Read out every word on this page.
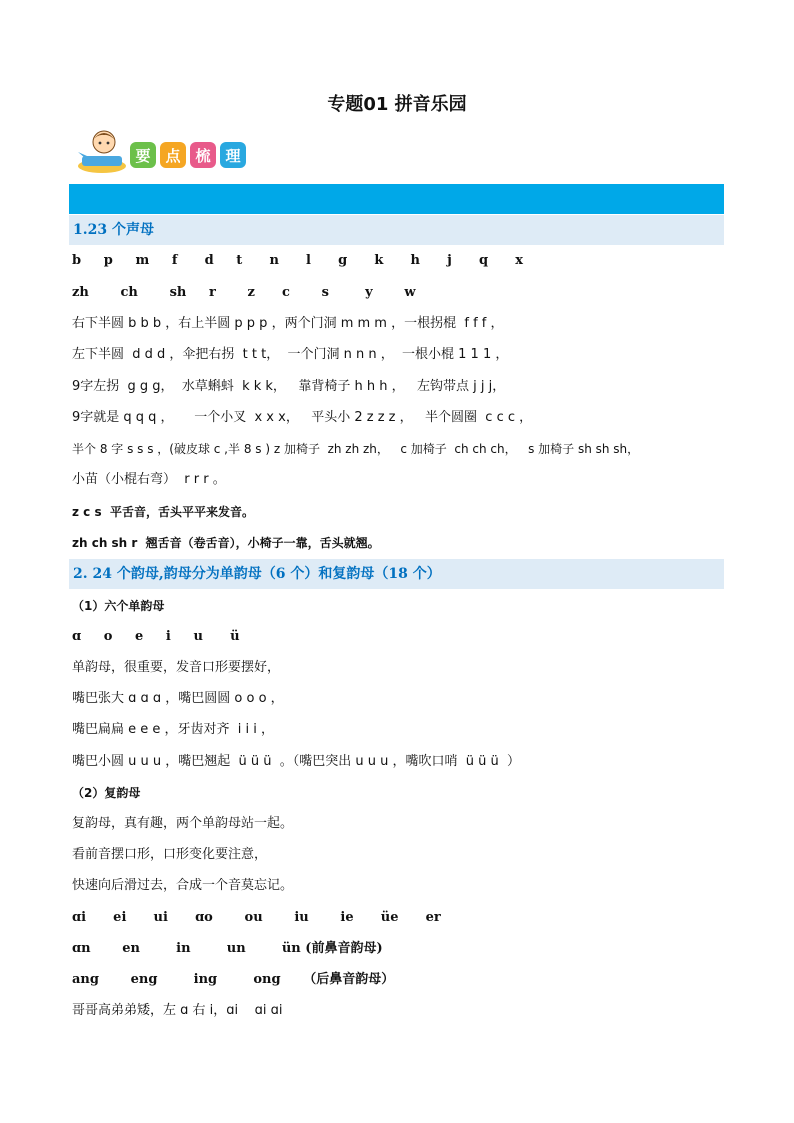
专题01 拼音乐园
要 点 梳 理
1.23 个声母
b     p     m     f      d     t      n      l      g      k      h      j      q      x
zh       ch       sh     r       z      c       s        y       w
右下半圆 b b b ，右上半圆 p p p ，两个门洞 m m m ，一根拐棍  f f f ，
左下半圆  d d d ，伞把右拐  t t t，  一个门洞 n n n ，  一根小棍 1 1 1 ，
9字左拐  g g g，  水草蝌蚪  k k k，   靠背椅子 h h h ，   左钩带点 j j j，
9字就是 q q q ，     一个小叉  x x x，   平头小 2 z z z ，   半个圆圈  c c c ，
半个 8 字 s s s ，(破皮球 c ,半 8 s ) z 加椅子  zh zh zh，   c 加椅子  ch ch ch，   s 加椅子 sh sh sh，
小苗（小棍右弯）  r r r 。
z c s  平舌音，舌头平平来发音。
zh ch sh r  翘舌音（卷舌音），小椅子一靠，舌头就翘。
2. 24 个韵母,韵母分为单韵母（6 个）和复韵母（18 个）
（1）六个单韵母
ɑ     o     e     i     u      ü
单韵母，很重要，发音口形要摆好，
嘴巴张大 ɑ ɑ ɑ ，嘴巴圆圆 o o o ，
嘴巴扁扁 e e e ，牙齿对齐  i i i ，
嘴巴小圆 u u u ，嘴巴翘起  ü ü ü  。（嘴巴突出 u u u ，嘴吹口哨  ü ü ü  ）
（2）复韵母
复韵母，真有趣，两个单韵母站一起。
看前音摆口形，口形变化要注意，
快速向后滑过去，合成一个音莫忘记。
ɑi      ei      ui      ɑo       ou       iu       ie      üe      er
ɑn       en        in        un        ün (前鼻音韵母)
ang       eng        ing        ong     （后鼻音韵母）
哥哥高弟弟矮，左 ɑ 右 i，ɑi    ɑi ɑi
